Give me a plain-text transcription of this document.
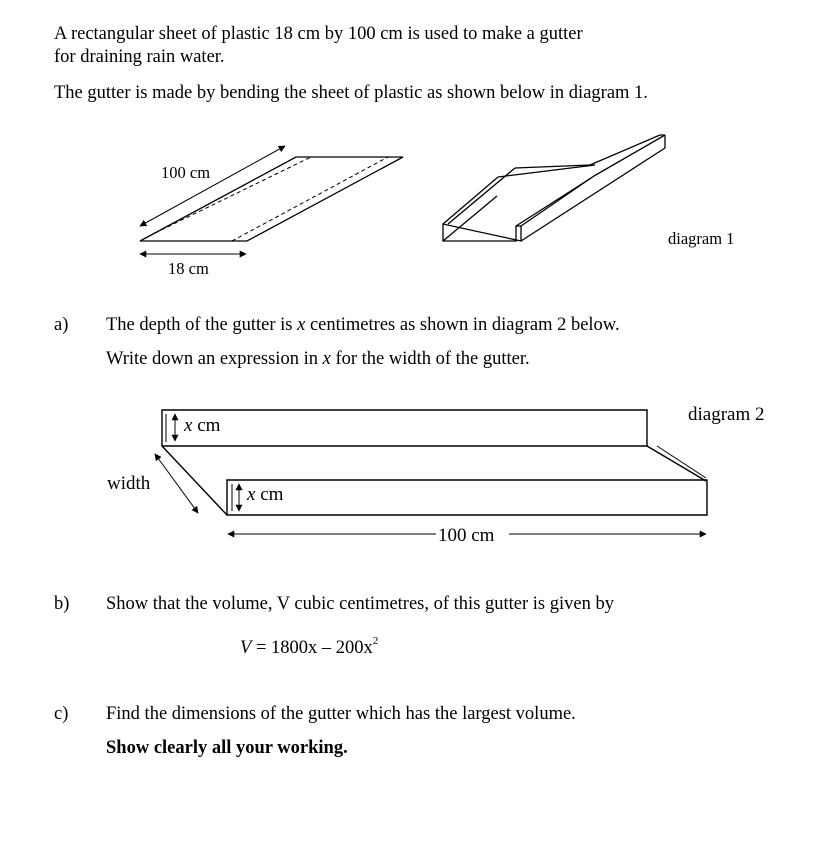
A rectangular sheet of plastic 18 cm by 100 cm is used to make a gutter
for draining rain water.
The gutter is made by bending the sheet of plastic as shown below in diagram 1.
100 cm
18 cm
diagram 1
a) The depth of the gutter is x centimetres as shown in diagram 2 below.
Write down an expression in x for the width of the gutter.
diagram 2
x cm
x cm
width
100 cm
b) Show that the volume, V cubic centimetres, of this gutter is given by
$V = 1800x - 200x^2$
c) Find the dimensions of the gutter which has the largest volume.
Show clearly all your working.
